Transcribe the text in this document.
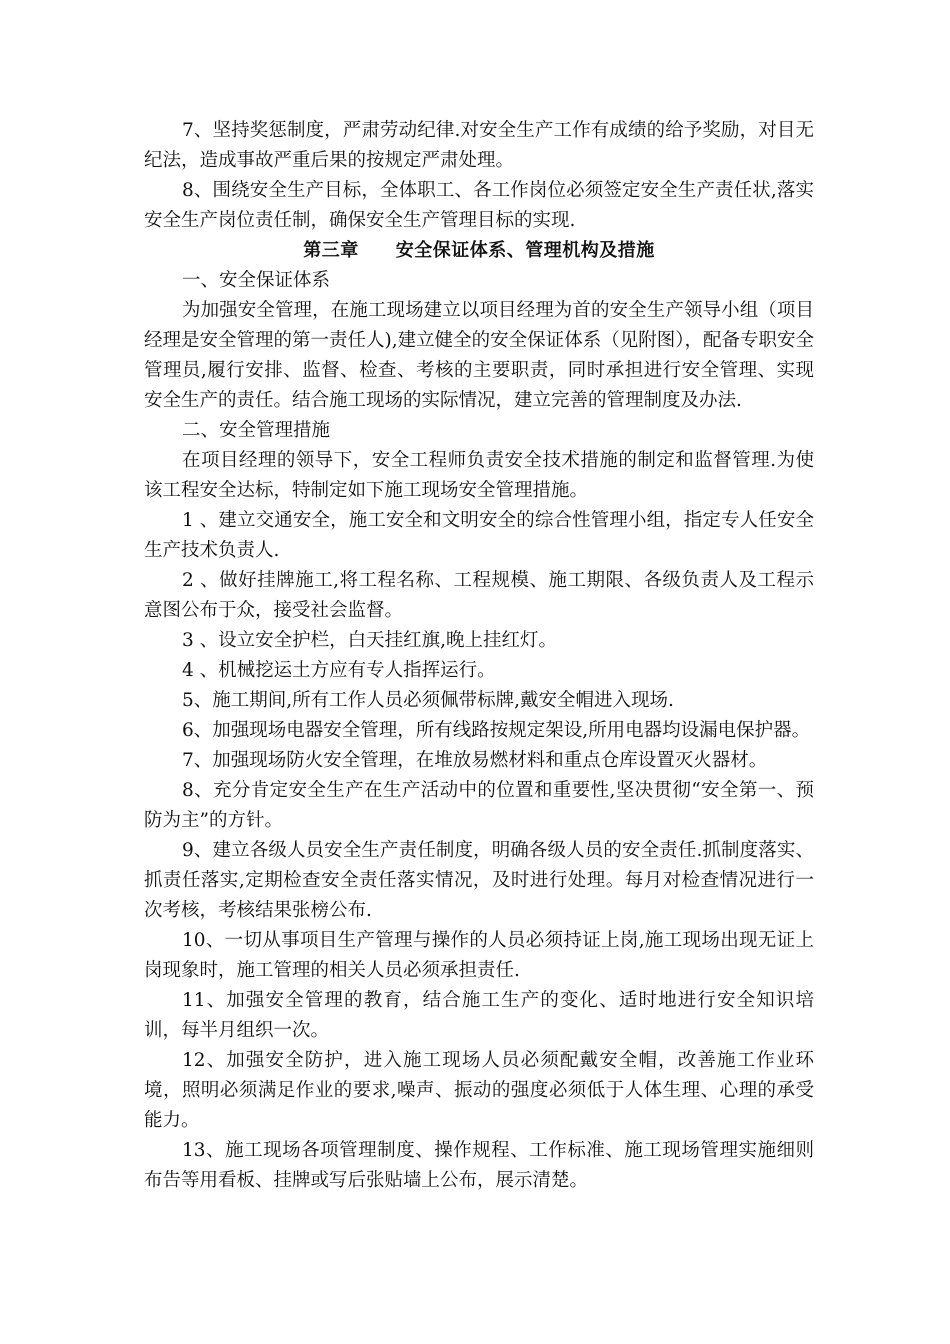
7、坚持奖惩制度，严肃劳动纪律.对安全生产工作有成绩的给予奖励，对目无纪法，造成事故严重后果的按规定严肃处理。

8、围绕安全生产目标，全体职工、各工作岗位必须签定安全生产责任状,落实安全生产岗位责任制，确保安全生产管理目标的实现.

第三章　　安全保证体系、管理机构及措施

一、安全保证体系

为加强安全管理，在施工现场建立以项目经理为首的安全生产领导小组（项目经理是安全管理的第一责任人),建立健全的安全保证体系（见附图），配备专职安全管理员,履行安排、监督、检查、考核的主要职责，同时承担进行安全管理、实现安全生产的责任。结合施工现场的实际情况，建立完善的管理制度及办法.

二、安全管理措施

在项目经理的领导下，安全工程师负责安全技术措施的制定和监督管理.为使该工程安全达标，特制定如下施工现场安全管理措施。

1 、建立交通安全，施工安全和文明安全的综合性管理小组，指定专人任安全生产技术负责人.

2 、做好挂牌施工,将工程名称、工程规模、施工期限、各级负责人及工程示意图公布于众，接受社会监督。

3 、设立安全护栏，白天挂红旗,晚上挂红灯。

4 、机械挖运土方应有专人指挥运行。

5、施工期间,所有工作人员必须佩带标牌,戴安全帽进入现场.

6、加强现场电器安全管理，所有线路按规定架设,所用电器均设漏电保护器。

7、加强现场防火安全管理，在堆放易燃材料和重点仓库设置灭火器材。

8、充分肯定安全生产在生产活动中的位置和重要性,坚决贯彻“安全第一、预防为主”的方针。

9、建立各级人员安全生产责任制度，明确各级人员的安全责任.抓制度落实、抓责任落实,定期检查安全责任落实情况，及时进行处理。每月对检查情况进行一次考核，考核结果张榜公布.

10、一切从事项目生产管理与操作的人员必须持证上岗,施工现场出现无证上岗现象时，施工管理的相关人员必须承担责任.

11、加强安全管理的教育，结合施工生产的变化、适时地进行安全知识培训，每半月组织一次。

12、加强安全防护，进入施工现场人员必须配戴安全帽，改善施工作业环境，照明必须满足作业的要求,噪声、振动的强度必须低于人体生理、心理的承受能力。

13、施工现场各项管理制度、操作规程、工作标准、施工现场管理实施细则布告等用看板、挂牌或写后张贴墙上公布，展示清楚。
